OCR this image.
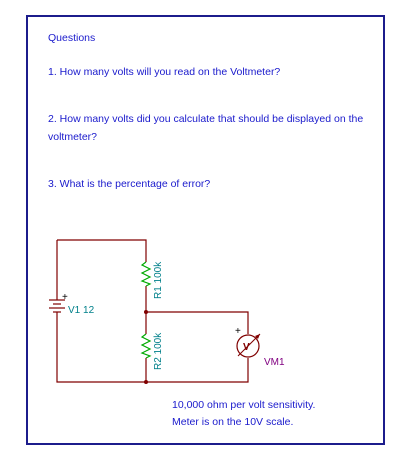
Questions
1. How many volts will you read on the Voltmeter?
2. How many volts did you calculate that should be displayed on the voltmeter?
3. What is the percentage of error?
+
V1 12
R1 100k
R2 100k	V
+
VM1
10,000 ohm per volt sensitivity.
Meter is on the 10V scale.
